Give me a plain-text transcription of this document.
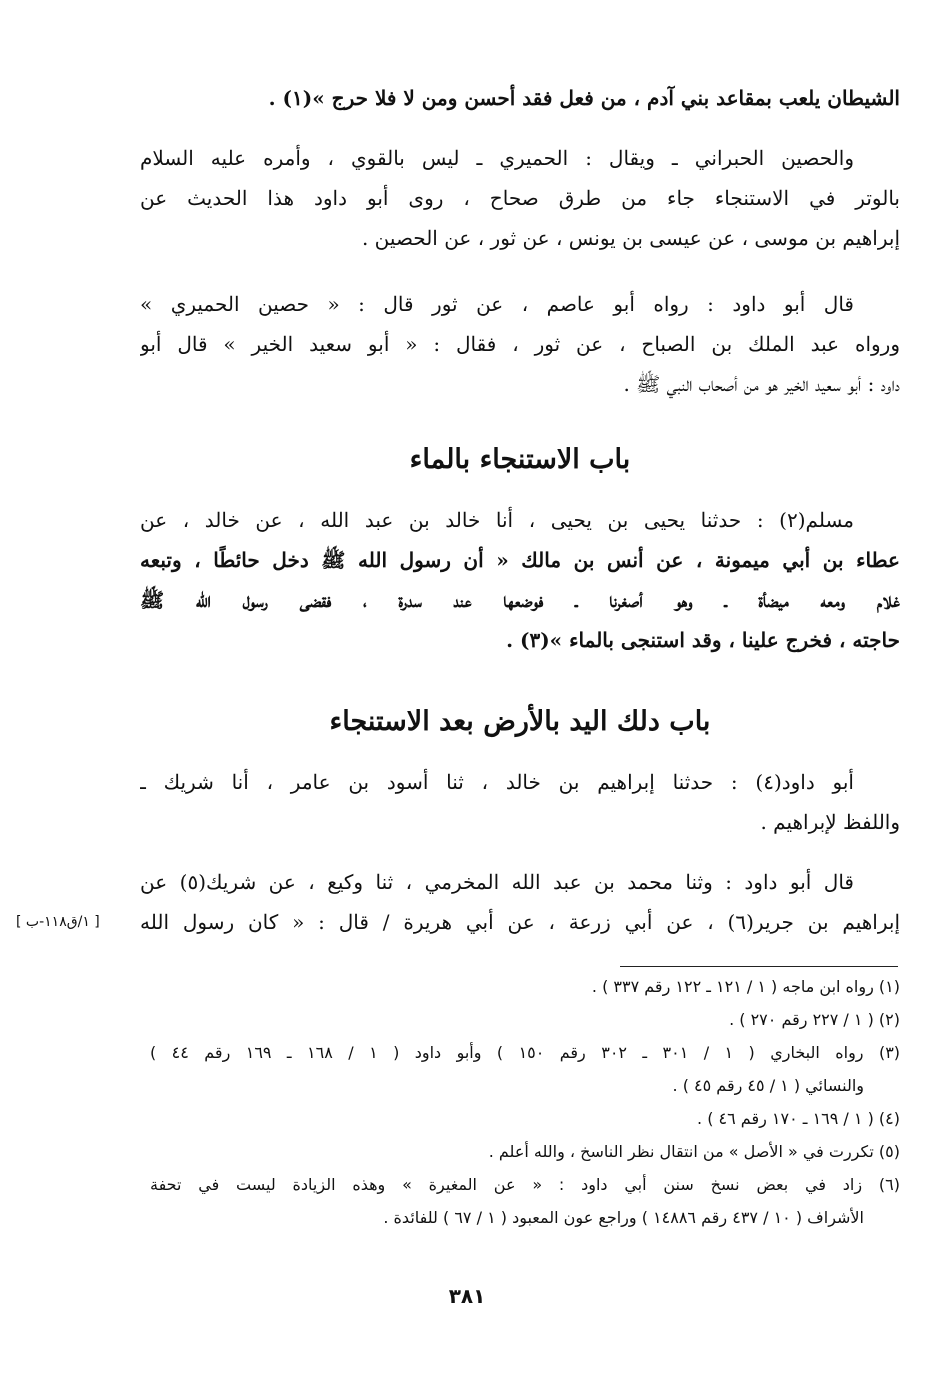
الشيطان يلعب بمقاعد بني آدم ، من فعل فقد أحسن ومن لا فلا حرج »(١) .
والحصين الحبراني ـ ويقال : الحميري ـ ليس بالقوي ، وأمره عليه السلام
بالوتر في الاستنجاء جاء من طرق صحاح ، روى أبو داود هذا الحديث عن
إبراهيم بن موسى ، عن عيسى بن يونس ، عن ثور ، عن الحصين .
قال أبو داود : رواه أبو عاصم ، عن ثور قال : « حصين الحميري »
ورواه عبد الملك بن الصباح ، عن ثور ، فقال : « أبو سعيد الخير » قال أبو
داود : أبو سعيد الخير هو من أصحاب النبي ﷺ .
باب الاستنجاء بالماء
مسلم(٢) : حدثنا يحيى بن يحيى ، أنا خالد بن عبد الله ، عن خالد ، عن
عطاء بن أبي ميمونة ، عن أنس بن مالك « أن رسول الله ﷺ دخل حائطًا ، وتبعه
غلام ومعه ميضأة ـ وهو أصغرنا ـ فوضعها عند سدرة ، فقضى رسول الله ﷺ
حاجته ، فخرج علينا ، وقد استنجى بالماء »(٣) .
باب دلك اليد بالأرض بعد الاستنجاء
أبو داود(٤) : حدثنا إبراهيم بن خالد ، ثنا أسود بن عامر ، أنا شريك ـ
واللفظ لإبراهيم .
قال أبو داود : وثنا محمد بن عبد الله المخرمي ، ثنا وكيع ، عن شريك(٥) عن
إبراهيم بن جرير(٦) ، عن أبي زرعة ، عن أبي هريرة / قال : « كان رسول الله
[ ١/ق١١٨-ب ]
(١) رواه ابن ماجه ( ١ / ١٢١ ـ ١٢٢ رقم ٣٣٧ ) .
(٢) ( ١ / ٢٢٧ رقم ٢٧٠ ) .
(٣) رواه البخاري ( ١ / ٣٠١ ـ ٣٠٢ رقم ١٥٠ ) وأبو داود ( ١ / ١٦٨ ـ ١٦٩ رقم ٤٤ )
والنسائي ( ١ / ٤٥ رقم ٤٥ ) .
(٤) ( ١ / ١٦٩ ـ ١٧٠ رقم ٤٦ ) .
(٥) تكررت في « الأصل » من انتقال نظر الناسخ ، والله أعلم .
(٦) زاد في بعض نسخ سنن أبي داود : « عن المغيرة » وهذه الزيادة ليست في تحفة
الأشراف ( ١٠ / ٤٣٧ رقم ١٤٨٨٦ ) وراجع عون المعبود ( ١ / ٦٧ ) للفائدة .
٣٨١
